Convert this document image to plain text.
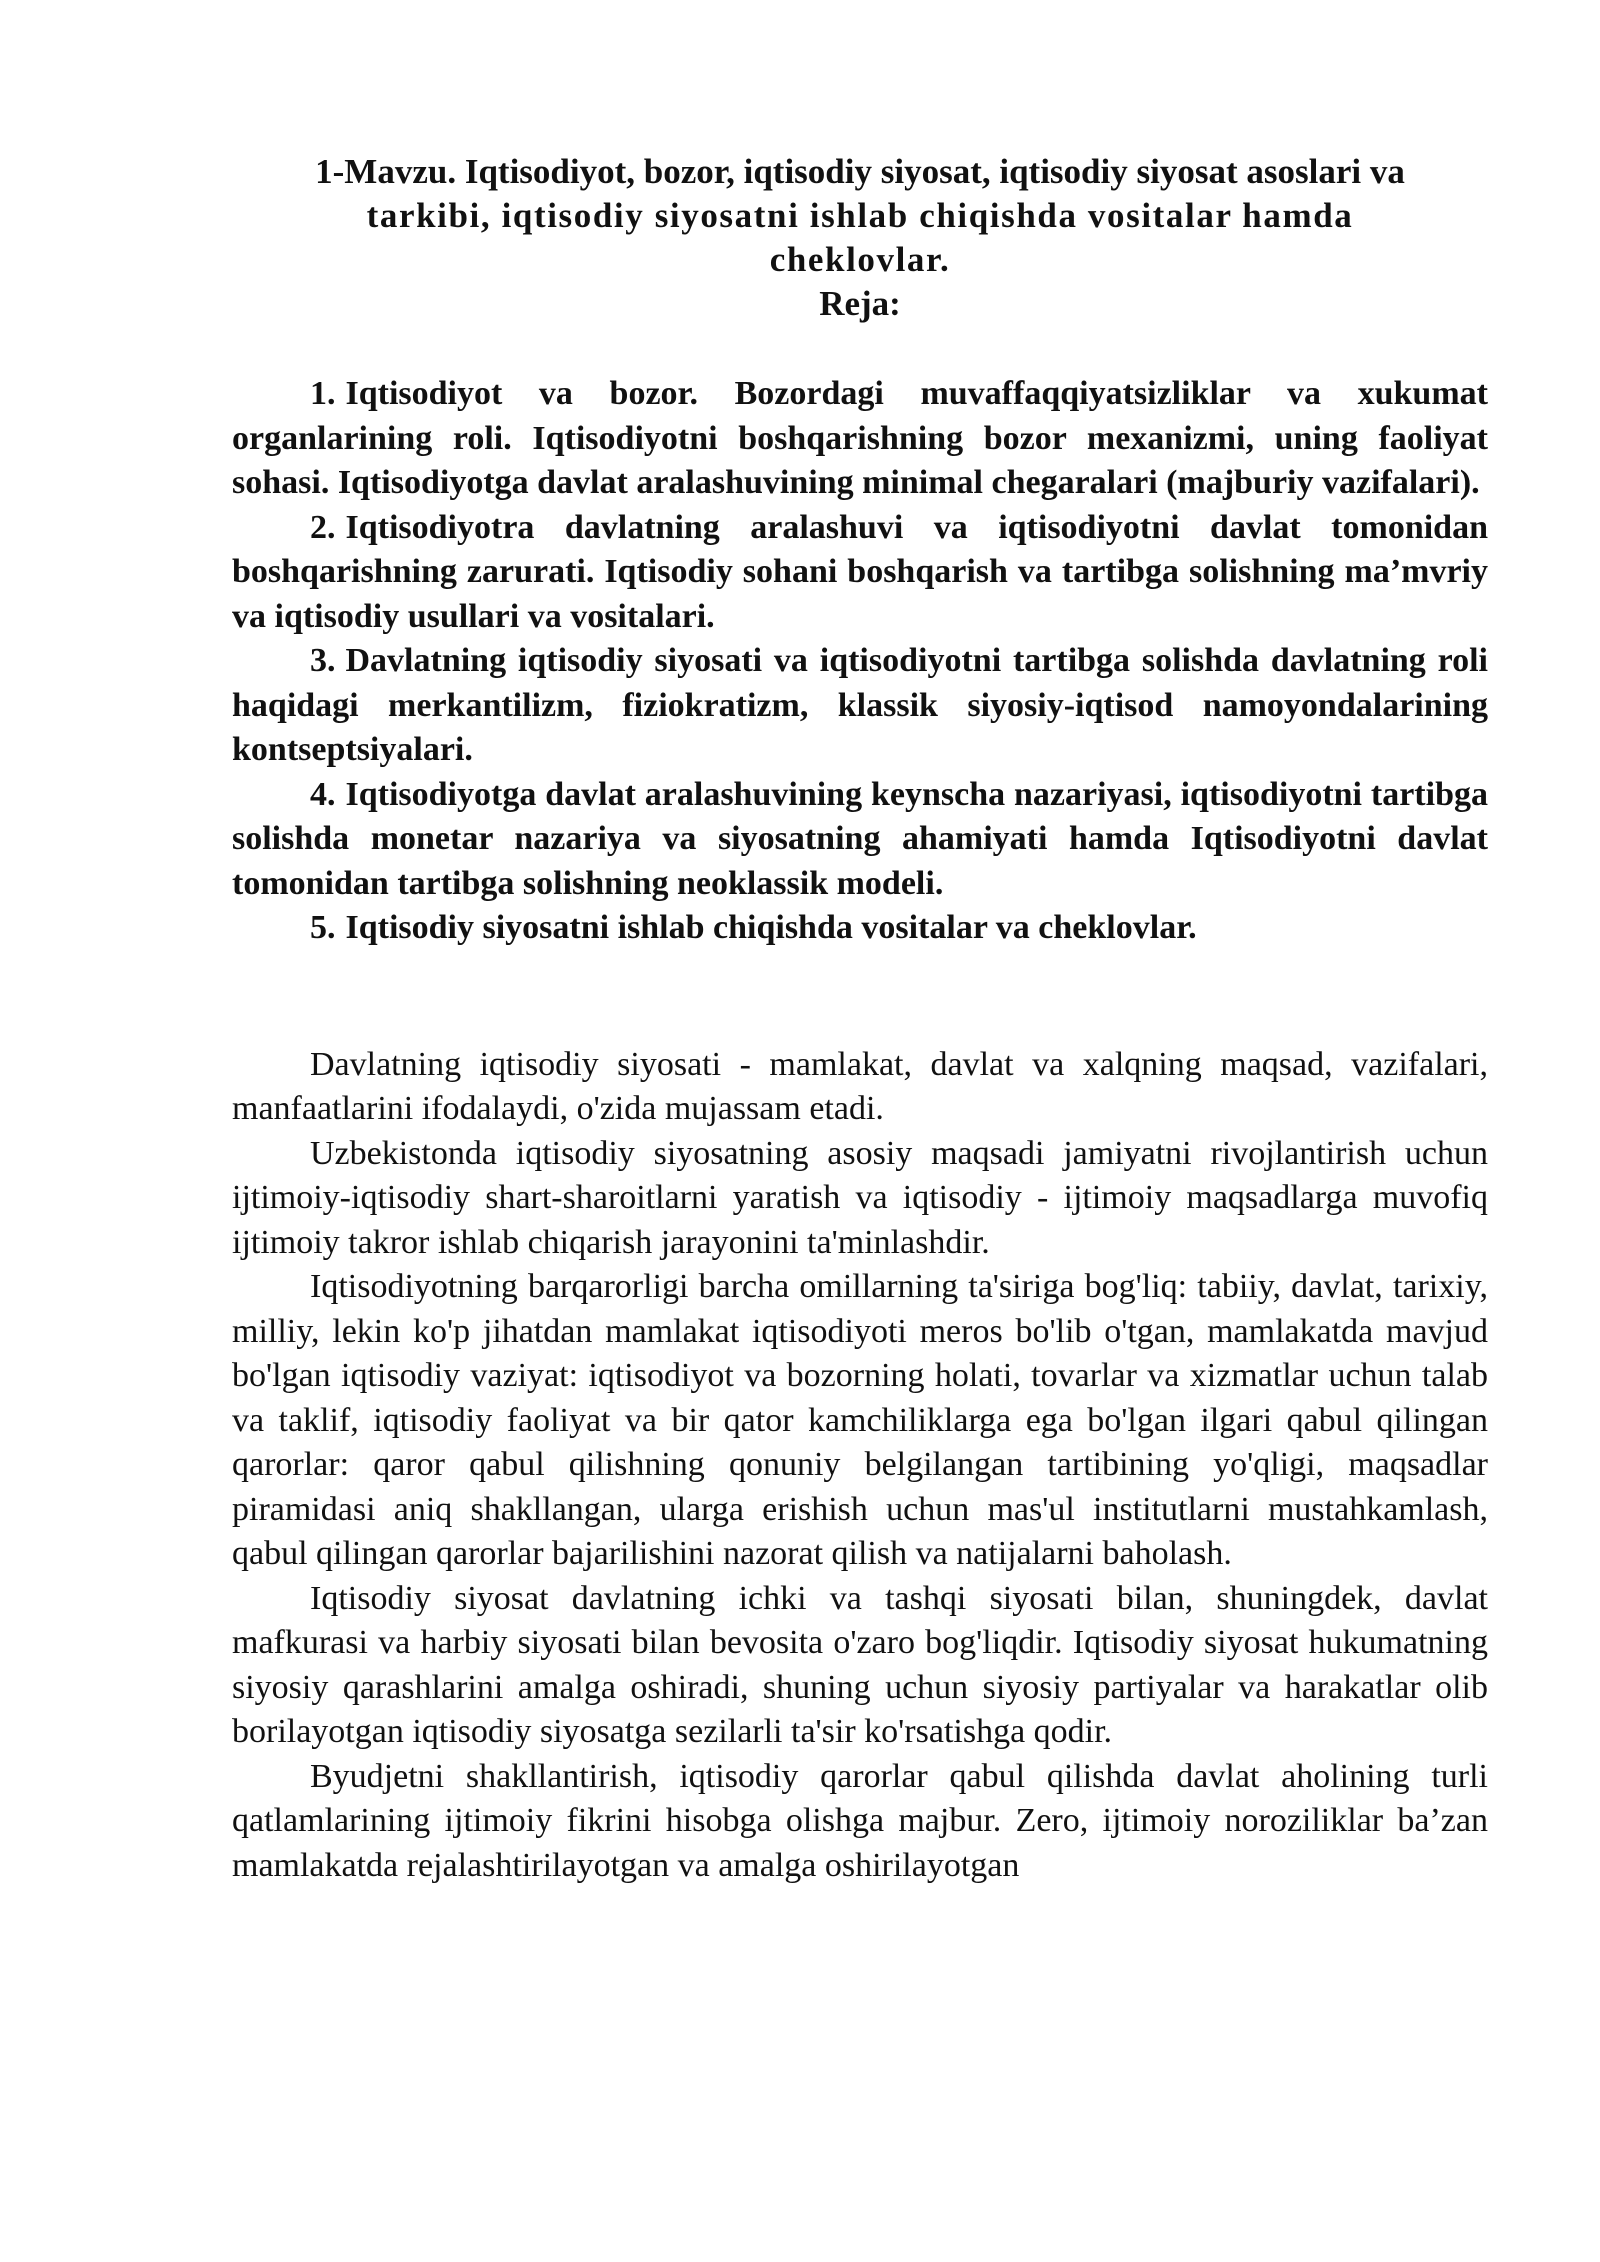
1-Mavzu. Iqtisodiyot, bozor, iqtisodiy siyosat, iqtisodiy siyosat asoslari va
tarkibi, iqtisodiy siyosatni ishlab chiqishda vositalar hamda
cheklovlar.
Reja:
1. Iqtisodiyot va bozor. Bozordagi muvaffaqqiyatsizliklar va xukumat organlarining roli. Iqtisodiyotni boshqarishning bozor mexanizmi, uning faoliyat sohasi. Iqtisodiyotga davlat aralashuvining minimal chegaralari (majburiy vazifalari).
2. Iqtisodiyotra davlatning aralashuvi va iqtisodiyotni davlat tomonidan boshqarishning zarurati. Iqtisodiy sohani boshqarish va tartibga solishning ma’mvriy va iqtisodiy usullari va vositalari.
3. Davlatning iqtisodiy siyosati va iqtisodiyotni tartibga solishda davlatning roli haqidagi merkantilizm, fiziokratizm, klassik siyosiy-iqtisod namoyondalarining kontseptsiyalari.
4. Iqtisodiyotga davlat aralashuvining keynscha nazariyasi, iqtisodiyotni tartibga solishda monetar nazariya va siyosatning ahamiyati hamda Iqtisodiyotni davlat tomonidan tartibga solishning neoklassik modeli.
5. Iqtisodiy siyosatni ishlab chiqishda vositalar va cheklovlar.

Davlatning iqtisodiy siyosati - mamlakat, davlat va xalqning maqsad, vazifalari, manfaatlarini ifodalaydi, o'zida mujassam etadi.

Uzbekistonda iqtisodiy siyosatning asosiy maqsadi jamiyatni rivojlantirish uchun ijtimoiy-iqtisodiy shart-sharoitlarni yaratish va iqtisodiy - ijtimoiy maqsadlarga muvofiq ijtimoiy takror ishlab chiqarish jarayonini ta'minlashdir.

Iqtisodiyotning barqarorligi barcha omillarning ta'siriga bog'liq: tabiiy, davlat, tarixiy, milliy, lekin ko'p jihatdan mamlakat iqtisodiyoti meros bo'lib o'tgan, mamlakatda mavjud bo'lgan iqtisodiy vaziyat: iqtisodiyot va bozorning holati, tovarlar va xizmatlar uchun talab va taklif, iqtisodiy faoliyat va bir qator kamchiliklarga ega bo'lgan ilgari qabul qilingan qarorlar: qaror qabul qilishning qonuniy belgilangan tartibining yo'qligi, maqsadlar piramidasi aniq shakllangan, ularga erishish uchun mas'ul institutlarni mustahkamlash, qabul qilingan qarorlar bajarilishini nazorat qilish va natijalarni baholash.

Iqtisodiy siyosat davlatning ichki va tashqi siyosati bilan, shuningdek, davlat mafkurasi va harbiy siyosati bilan bevosita o'zaro bog'liqdir. Iqtisodiy siyosat hukumatning siyosiy qarashlarini amalga oshiradi, shuning uchun siyosiy partiyalar va harakatlar olib borilayotgan iqtisodiy siyosatga sezilarli ta'sir ko'rsatishga qodir.

Byudjetni shakllantirish, iqtisodiy qarorlar qabul qilishda davlat aholining turli qatlamlarining ijtimoiy fikrini hisobga olishga majbur. Zero, ijtimoiy noroziliklar ba’zan mamlakatda rejalashtirilayotgan va amalga oshirilayotgan
